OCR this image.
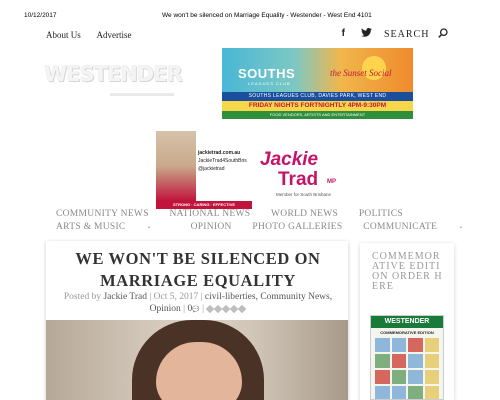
10/12/2017	We won't be silenced on Marriage Equality - Westender - West End 4101
About Us Advertise	f	SEARCH
WESTENDER	SOUTHS
LEAGUES CLUB
the Sunset Social
SOUTHS LEAGUES CLUB, DAVIES PARK, WEST END
FRIDAY NIGHTS FORTNIGHTLY 4PM-9:30PM
FOOD VENDORS, ARTISTS AND ENTERTAINMENT
jackietrad.com.au
JackieTrad4SouthBris
@jackietrad
STRONG · CARING · EFFECTIVE
Jackie
Trad MP
Member for South Brisbane
COMMUNITY NEWS NATIONAL NEWS WORLD NEWS POLITICS
ARTS & MUSIC	⌄	OPINION PHOTO GALLERIES COMMUNICATE	⌄
WE WON'T BE SILENCED ON MARRIAGE EQUALITY
Posted by Jackie Trad | Oct 5, 2017 | civil-liberties, Community News, Opinion | 0💬 |
COMMEMORATIVE EDITION ORDER HERE
WESTENDER
COMMEMORATIVE EDITION
